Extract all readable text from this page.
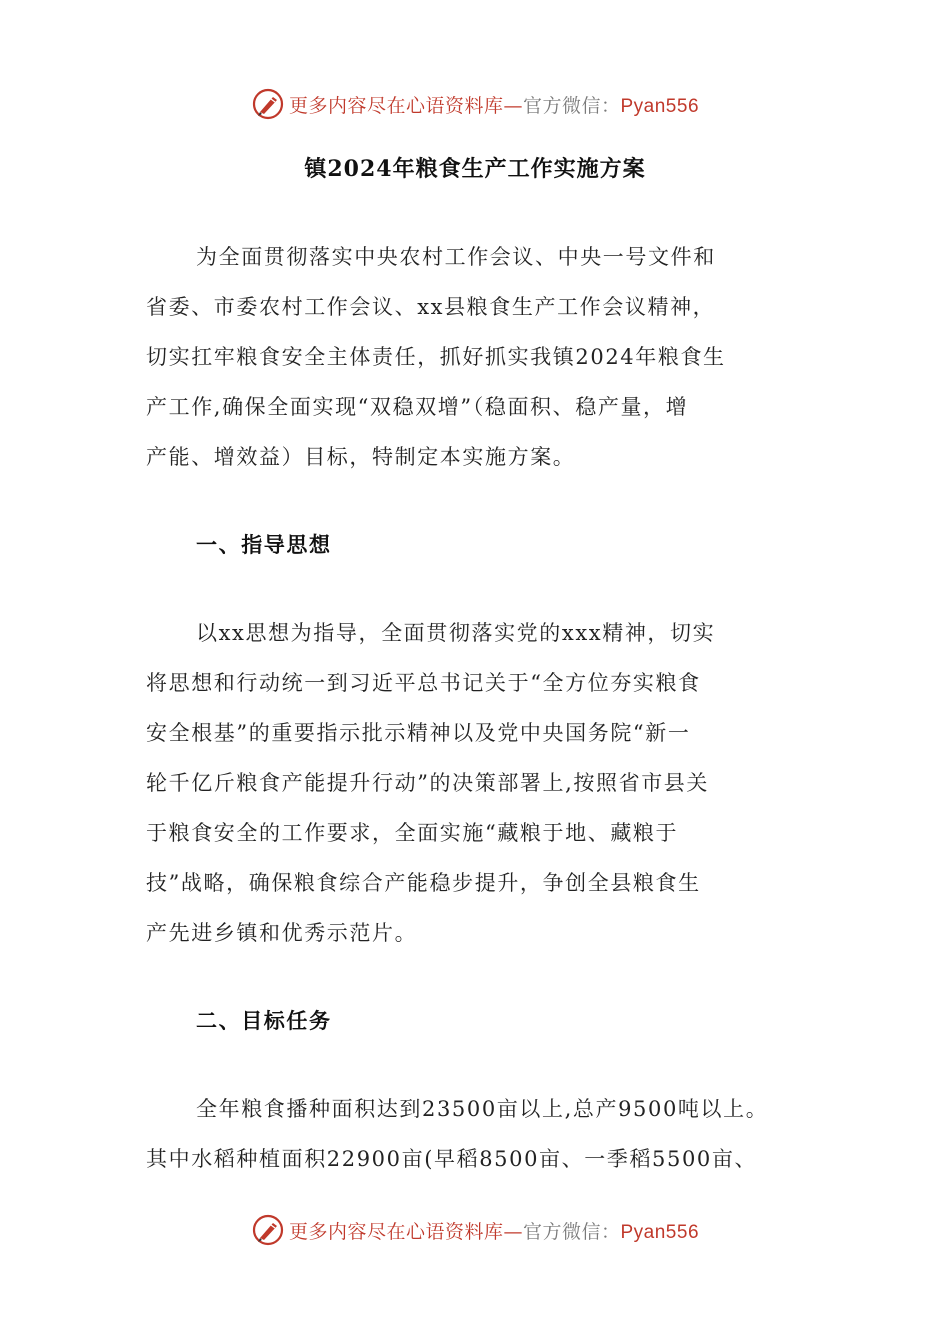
更多内容尽在心语资料库—官方微信：Pyan556
镇2024年粮食生产工作实施方案

为全面贯彻落实中央农村工作会议、中央一号文件和
省委、市委农村工作会议、xx县粮食生产工作会议精神，
切实扛牢粮食安全主体责任，抓好抓实我镇2024年粮食生
产工作,确保全面实现“双稳双增”（稳面积、稳产量，增
产能、增效益）目标，特制定本实施方案。

一、指导思想

以xx思想为指导，全面贯彻落实党的xxx精神，切实
将思想和行动统一到习近平总书记关于“全方位夯实粮食
安全根基”的重要指示批示精神以及党中央国务院“新一
轮千亿斤粮食产能提升行动”的决策部署上,按照省市县关
于粮食安全的工作要求，全面实施“藏粮于地、藏粮于
技”战略，确保粮食综合产能稳步提升，争创全县粮食生
产先进乡镇和优秀示范片。

二、目标任务

全年粮食播种面积达到23500亩以上,总产9500吨以上。
其中水稻种植面积22900亩(早稻8500亩、一季稻5500亩、

更多内容尽在心语资料库—官方微信：Pyan556
